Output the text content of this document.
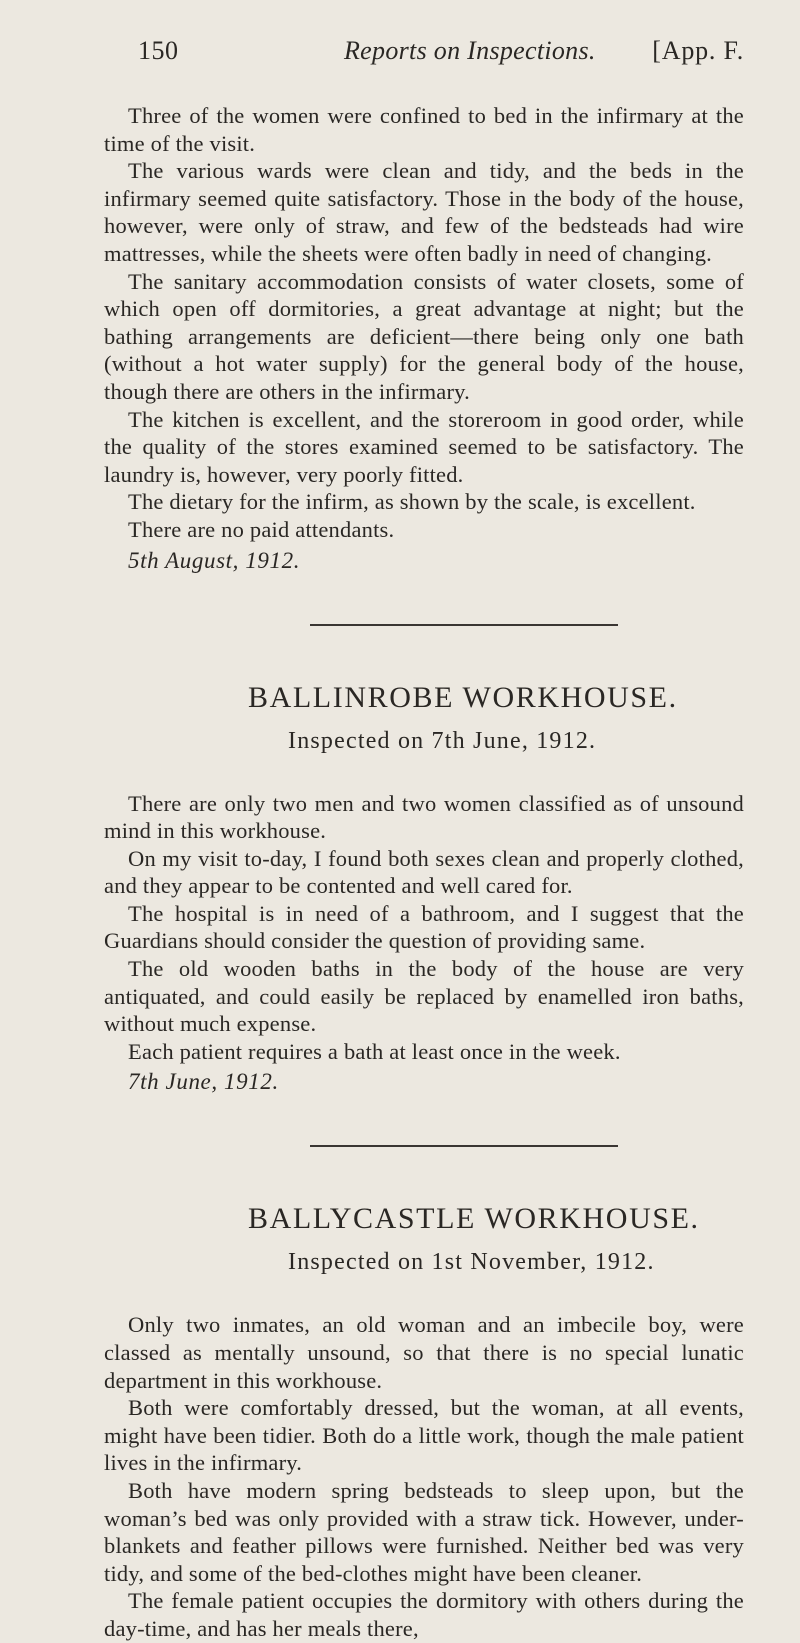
150	Reports on Inspections. [App. F.

Three of the women were confined to bed in the infirmary at the time of the visit.

The various wards were clean and tidy, and the beds in the infirmary seemed quite satisfactory. Those in the body of the house, however, were only of straw, and few of the bedsteads had wire mattresses, while the sheets were often badly in need of changing.

The sanitary accommodation consists of water closets, some of which open off dormitories, a great advantage at night; but the bathing arrangements are deficient—there being only one bath (without a hot water supply) for the general body of the house, though there are others in the infirmary.

The kitchen is excellent, and the storeroom in good order, while the quality of the stores examined seemed to be satisfactory. The laundry is, however, very poorly fitted.

The dietary for the infirm, as shown by the scale, is excellent.

There are no paid attendants.

5th August, 1912.
BALLINROBE WORKHOUSE.
Inspected on 7th June, 1912.

There are only two men and two women classified as of unsound mind in this workhouse.

On my visit to-day, I found both sexes clean and properly clothed, and they appear to be contented and well cared for.

The hospital is in need of a bathroom, and I suggest that the Guardians should consider the question of providing same.

The old wooden baths in the body of the house are very antiquated, and could easily be replaced by enamelled iron baths, without much expense.

Each patient requires a bath at least once in the week.

7th June, 1912.
BALLYCASTLE WORKHOUSE.
Inspected on 1st November, 1912.

Only two inmates, an old woman and an imbecile boy, were classed as mentally unsound, so that there is no special lunatic department in this workhouse.

Both were comfortably dressed, but the woman, at all events, might have been tidier. Both do a little work, though the male patient lives in the infirmary.

Both have modern spring bedsteads to sleep upon, but the woman’s bed was only provided with a straw tick. However, under-blankets and feather pillows were furnished. Neither bed was very tidy, and some of the bed-clothes might have been cleaner.

The female patient occupies the dormitory with others during the day-time, and has her meals there,
